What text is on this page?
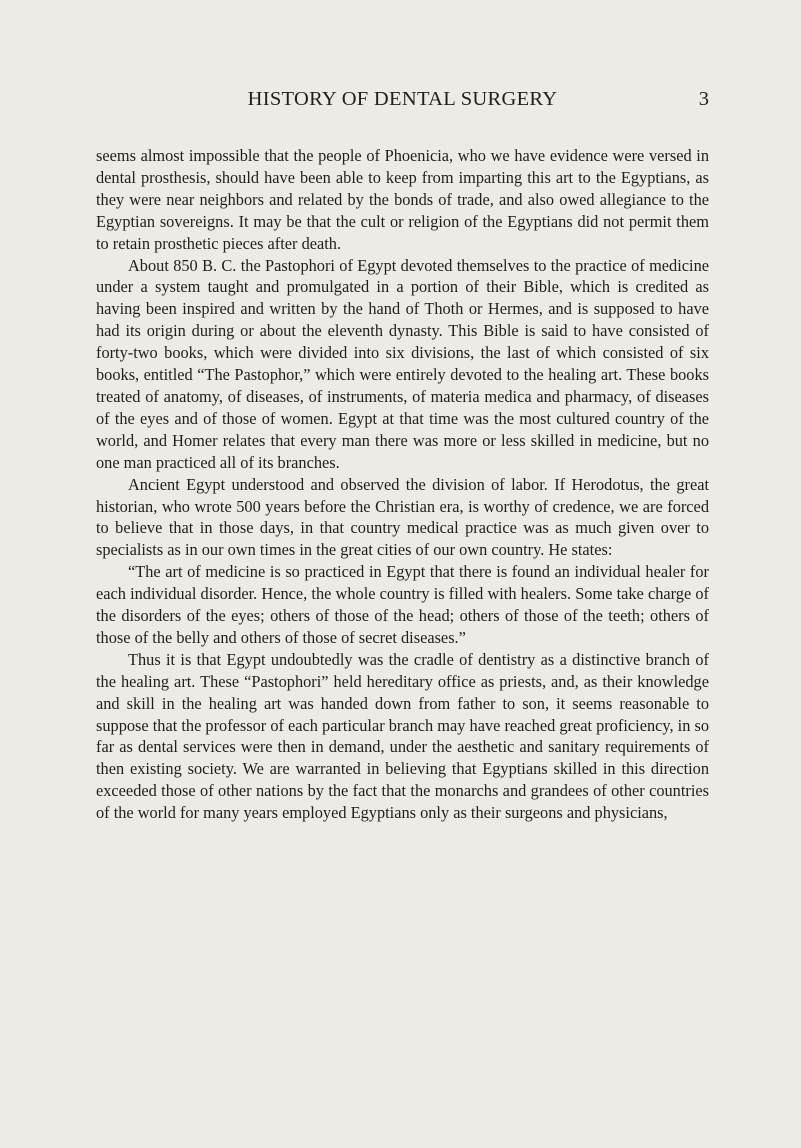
HISTORY OF DENTAL SURGERY	3

seems almost impossible that the people of Phoenicia, who we have evidence were versed in dental prosthesis, should have been able to keep from imparting this art to the Egyptians, as they were near neighbors and related by the bonds of trade, and also owed allegiance to the Egyptian sovereigns. It may be that the cult or religion of the Egyptians did not permit them to retain prosthetic pieces after death.

About 850 B. C. the Pastophori of Egypt devoted themselves to the practice of medicine under a system taught and promulgated in a portion of their Bible, which is credited as having been inspired and written by the hand of Thoth or Hermes, and is supposed to have had its origin during or about the eleventh dynasty. This Bible is said to have consisted of forty-two books, which were divided into six divisions, the last of which consisted of six books, entitled “The Pastophor,” which were entirely devoted to the healing art. These books treated of anatomy, of diseases, of instruments, of materia medica and pharmacy, of diseases of the eyes and of those of women. Egypt at that time was the most cultured country of the world, and Homer relates that every man there was more or less skilled in medicine, but no one man practiced all of its branches.

Ancient Egypt understood and observed the division of labor. If Herodotus, the great historian, who wrote 500 years before the Christian era, is worthy of credence, we are forced to believe that in those days, in that country medical practice was as much given over to specialists as in our own times in the great cities of our own country. He states:

“The art of medicine is so practiced in Egypt that there is found an individual healer for each individual disorder. Hence, the whole country is filled with healers. Some take charge of the disorders of the eyes; others of those of the head; others of those of the teeth; others of those of the belly and others of those of secret diseases.”

Thus it is that Egypt undoubtedly was the cradle of dentistry as a distinctive branch of the healing art. These “Pastophori” held hereditary office as priests, and, as their knowledge and skill in the healing art was handed down from father to son, it seems reasonable to suppose that the professor of each particular branch may have reached great proficiency, in so far as dental services were then in demand, under the aesthetic and sanitary requirements of then existing society. We are warranted in believing that Egyptians skilled in this direction exceeded those of other nations by the fact that the monarchs and grandees of other countries of the world for many years employed Egyptians only as their surgeons and physicians,
